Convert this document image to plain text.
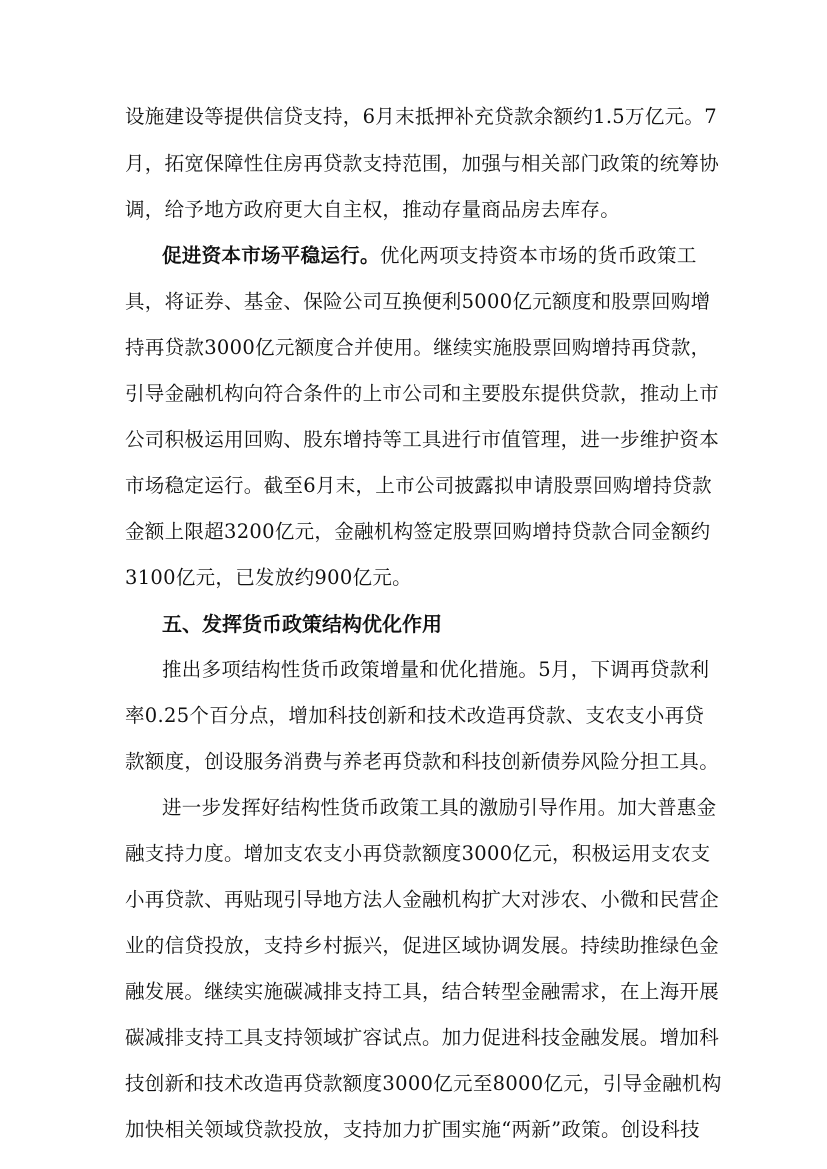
设施建设等提供信贷支持，6月末抵押补充贷款余额约1.5万亿元。7
月，拓宽保障性住房再贷款支持范围，加强与相关部门政策的统筹协
调，给予地方政府更大自主权，推动存量商品房去库存。
促进资本市场平稳运行。优化两项支持资本市场的货币政策工
具，将证券、基金、保险公司互换便利5000亿元额度和股票回购增
持再贷款3000亿元额度合并使用。继续实施股票回购增持再贷款，
引导金融机构向符合条件的上市公司和主要股东提供贷款，推动上市
公司积极运用回购、股东增持等工具进行市值管理，进一步维护资本
市场稳定运行。截至6月末，上市公司披露拟申请股票回购增持贷款
金额上限超3200亿元，金融机构签定股票回购增持贷款合同金额约
3100亿元，已发放约900亿元。
五、发挥货币政策结构优化作用
推出多项结构性货币政策增量和优化措施。5月，下调再贷款利
率0.25个百分点，增加科技创新和技术改造再贷款、支农支小再贷
款额度，创设服务消费与养老再贷款和科技创新债券风险分担工具。
进一步发挥好结构性货币政策工具的激励引导作用。加大普惠金
融支持力度。增加支农支小再贷款额度3000亿元，积极运用支农支
小再贷款、再贴现引导地方法人金融机构扩大对涉农、小微和民营企
业的信贷投放，支持乡村振兴，促进区域协调发展。持续助推绿色金
融发展。继续实施碳减排支持工具，结合转型金融需求，在上海开展
碳减排支持工具支持领域扩容试点。加力促进科技金融发展。增加科
技创新和技术改造再贷款额度3000亿元至8000亿元，引导金融机构
加快相关领域贷款投放，支持加力扩围实施“两新”政策。创设科技
